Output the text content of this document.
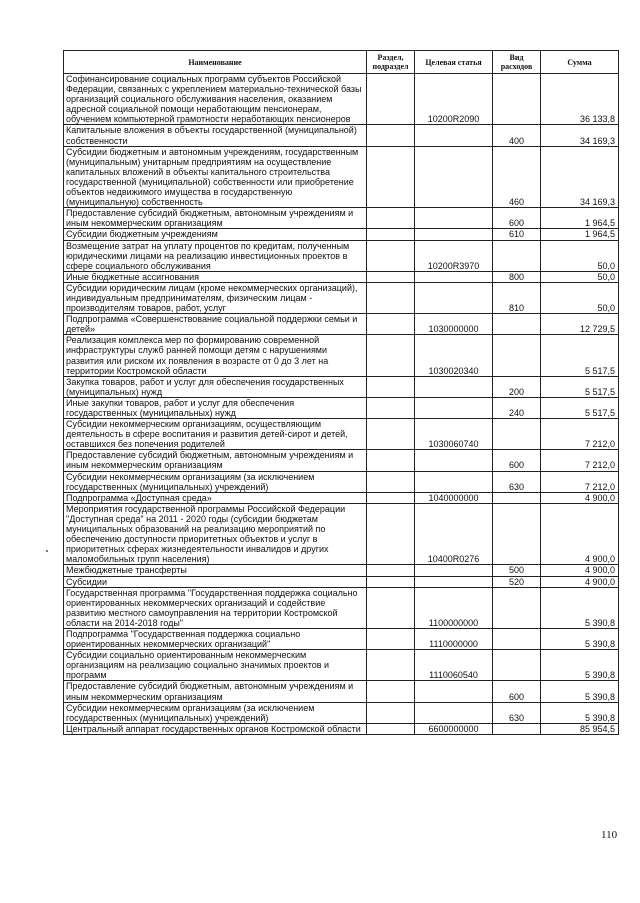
Наименование	Раздел, подраздел	Целевая статья	Вид расходов	Сумма
Софинансирование социальных программ субъектов Российской Федерации, связанных с укреплением материально-технической базы организаций социального обслуживания населения, оказанием адресной социальной помощи неработающим пенсионерам, обучением компьютерной грамотности неработающих пенсионеров		10200R2090		36 133,8
Капитальные вложения в объекты государственной (муниципальной) собственности			400	34 169,3
Субсидии бюджетным и автономным учреждениям, государственным (муниципальным) унитарным предприятиям на осуществление капитальных вложений в объекты капитального строительства государственной (муниципальной) собственности или приобретение объектов недвижимого имущества в государственную (муниципальную) собственность			460	34 169,3
Предоставление субсидий бюджетным, автономным учреждениям и иным некоммерческим организациям			600	1 964,5
Субсидии бюджетным учреждениям			610	1 964,5
Возмещение затрат на уплату процентов по кредитам, полученным юридическими лицами на реализацию инвестиционных проектов в сфере социального обслуживания		10200R3970		50,0
Иные бюджетные ассигнования			800	50,0
Субсидии юридическим лицам (кроме некоммерческих организаций), индивидуальным предпринимателям, физическим лицам - производителям товаров, работ, услуг			810	50,0
Подпрограмма «Совершенствование социальной поддержки семьи и детей»		1030000000		12 729,5
Реализация комплекса мер по формированию современной инфраструктуры служб ранней помощи детям с нарушениями развития или риском их появления в возрасте от 0 до 3 лет на территории Костромской области		1030020340		5 517,5
Закупка товаров, работ и услуг для обеспечения государственных (муниципальных) нужд			200	5 517,5
Иные закупки товаров, работ и услуг для обеспечения государственных (муниципальных) нужд			240	5 517,5
Субсидии некоммерческим организациям, осуществляющим деятельность в сфере воспитания и развития детей-сирот и детей, оставшихся без попечения родителей		1030060740		7 212,0
Предоставление субсидий бюджетным, автономным учреждениям и иным некоммерческим организациям			600	7 212,0
Субсидии некоммерческим организациям (за исключением государственных (муниципальных) учреждений)			630	7 212,0
Подпрограмма «Доступная среда»		1040000000		4 900,0
Мероприятия государственной программы Российской Федерации "Доступная среда" на 2011 - 2020 годы (субсидии бюджетам муниципальных образований на реализацию мероприятий по обеспечению доступности приоритетных объектов и услуг в приоритетных сферах жизнедеятельности инвалидов и других маломобильных групп населения)		10400R0276		4 900,0
Межбюджетные трансферты			500	4 900,0
Субсидии			520	4 900,0
Государственная программа "Государственная поддержка социально ориентированных некоммерческих организаций и содействие развитию местного самоуправления на территории Костромской области на 2014-2018 годы"		1100000000		5 390,8
Подпрограмма "Государственная поддержка социально ориентированных некоммерческих организаций"		1110000000		5 390,8
Субсидии социально ориентированным некоммерческим организациям на реализацию социально значимых проектов и программ		1110060540		5 390,8
Предоставление субсидий бюджетным, автономным учреждениям и иным некоммерческим организациям			600	5 390,8
Субсидии некоммерческим организациям (за исключением государственных (муниципальных) учреждений)			630	5 390,8
Центральный аппарат государственных органов Костромской области		6600000000		85 954,5
110
